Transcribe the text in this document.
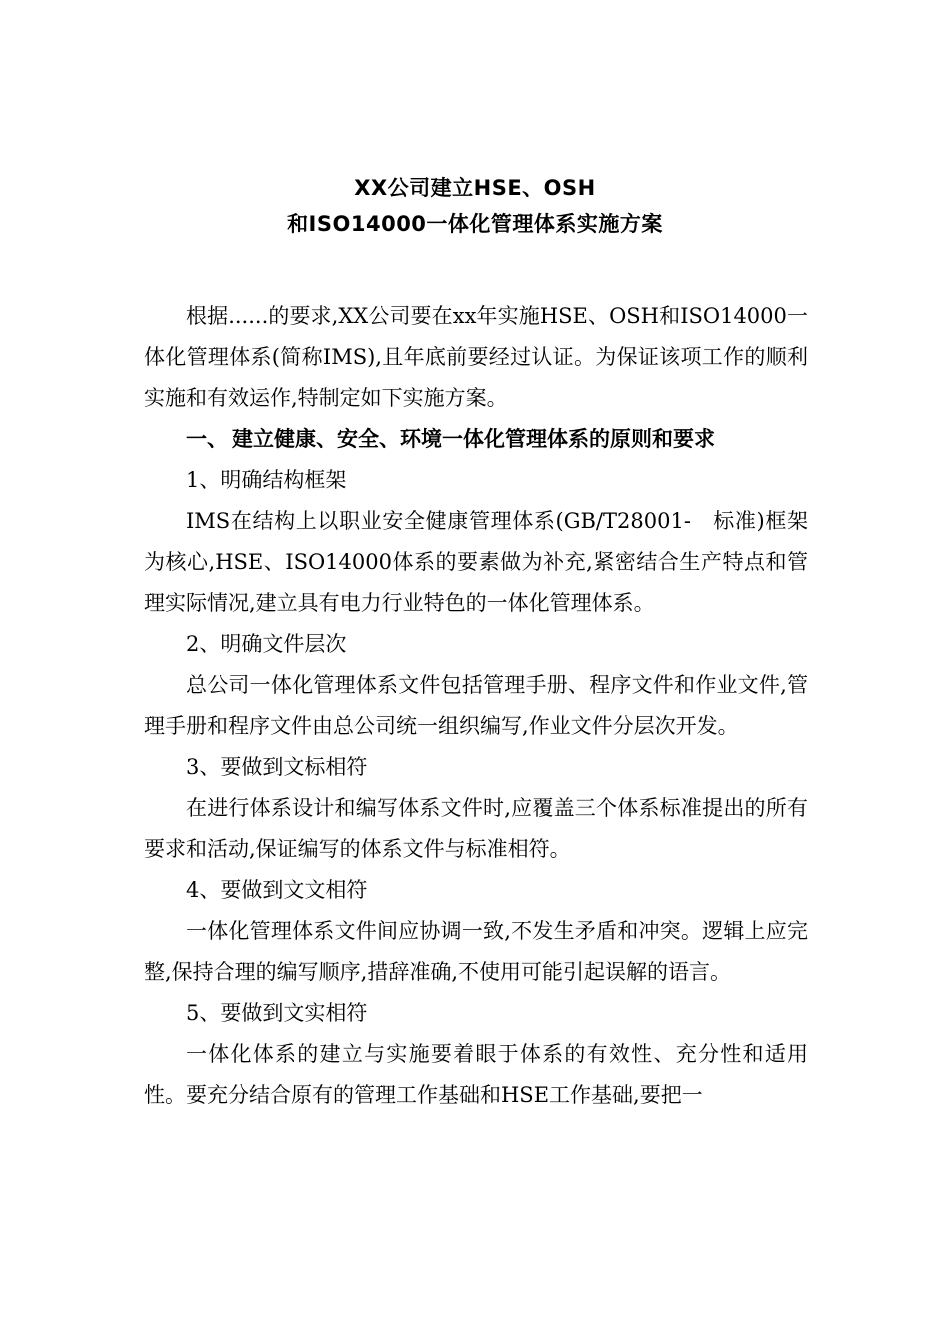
XX公司建立HSE、OSH
和ISO14000一体化管理体系实施方案

根据......的要求,XX公司要在xx年实施HSE、OSH和ISO14000一体化管理体系(简称IMS),且年底前要经过认证。为保证该项工作的顺利实施和有效运作,特制定如下实施方案。

一、 建立健康、安全、环境一体化管理体系的原则和要求
1、明确结构框架

IMS在结构上以职业安全健康管理体系(GB/T28001-　标准)框架为核心,HSE、ISO14000体系的要素做为补充,紧密结合生产特点和管理实际情况,建立具有电力行业特色的一体化管理体系。

2、明确文件层次

总公司一体化管理体系文件包括管理手册、程序文件和作业文件,管理手册和程序文件由总公司统一组织编写,作业文件分层次开发。

3、要做到文标相符

在进行体系设计和编写体系文件时,应覆盖三个体系标准提出的所有要求和活动,保证编写的体系文件与标准相符。

4、要做到文文相符

一体化管理体系文件间应协调一致,不发生矛盾和冲突。逻辑上应完整,保持合理的编写顺序,措辞准确,不使用可能引起误解的语言。

5、要做到文实相符

一体化体系的建立与实施要着眼于体系的有效性、充分性和适用性。要充分结合原有的管理工作基础和HSE工作基础,要把一
